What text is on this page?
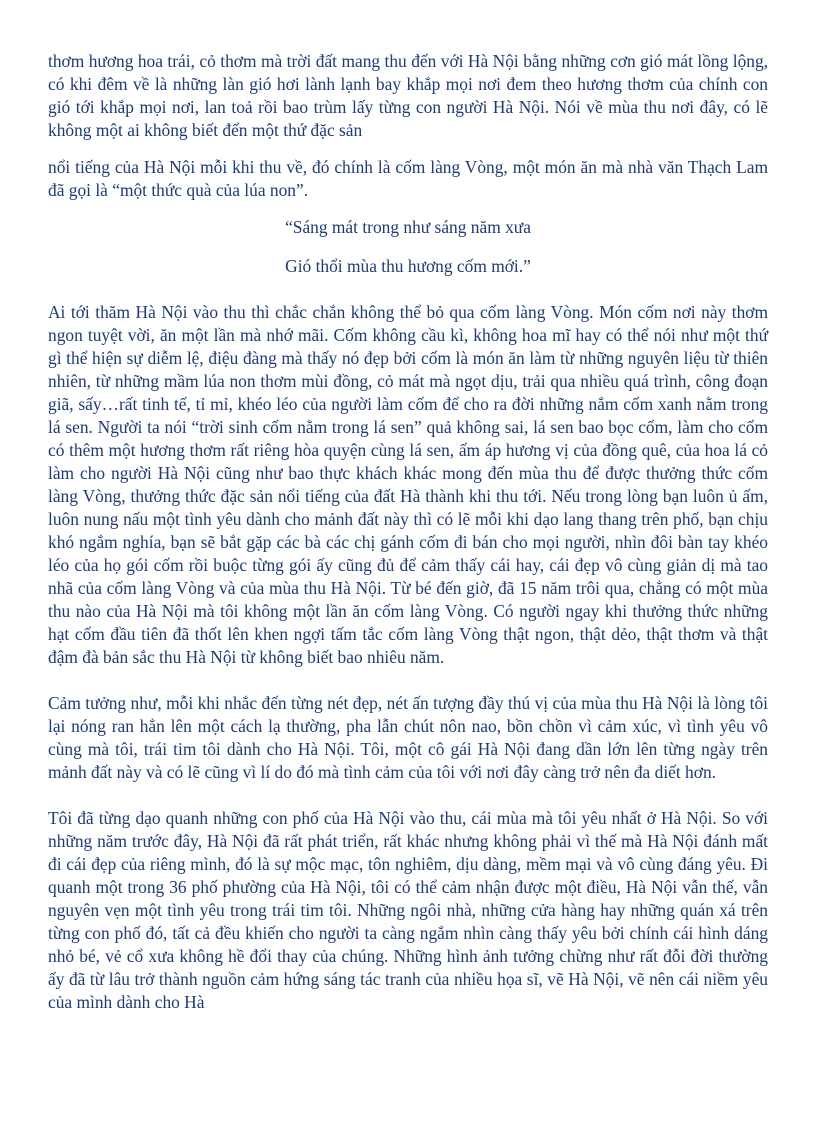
thơm hương hoa trái, cỏ thơm mà trời đất mang thu đến với Hà Nội bằng những cơn gió mát lồng lộng, có khi đêm về là những làn gió hơi lành lạnh bay khắp mọi nơi đem theo hương thơm của chính con gió tới khắp mọi nơi, lan toả rồi bao trùm lấy từng con người Hà Nội. Nói về mùa thu nơi đây, có lẽ không một ai không biết đến một thứ đặc sản

nổi tiếng của Hà Nội mỗi khi thu về, đó chính là cốm làng Vòng, một món ăn mà nhà văn Thạch Lam đã gọi là “một thức quà của lúa non”.

“Sáng mát trong như sáng năm xưa

Gió thổi mùa thu hương cốm mới.”

Ai tới thăm Hà Nội vào thu thì chắc chắn không thể bỏ qua cốm làng Vòng. Món cốm nơi này thơm ngon tuyệt vời, ăn một lần mà nhớ mãi. Cốm không cầu kì, không hoa mĩ hay có thể nói như một thứ gì thể hiện sự diễm lệ, điệu đàng mà thấy nó đẹp bởi cốm là món ăn làm từ những nguyên liệu từ thiên nhiên, từ những mầm lúa non thơm mùi đồng, cỏ mát mà ngọt dịu, trải qua nhiều quá trình, công đoạn giã, sấy…rất tinh tế, tỉ mỉ, khéo léo của người làm cốm để cho ra đời những nắm cốm xanh nằm trong lá sen. Người ta nói “trời sinh cốm nằm trong lá sen” quả không sai, lá sen bao bọc cốm, làm cho cốm có thêm một hương thơm rất riêng hòa quyện cùng lá sen, ấm áp hương vị của đồng quê, của hoa lá cỏ làm cho người Hà Nội cũng như bao thực khách khác mong đến mùa thu để được thưởng thức cốm làng Vòng, thưởng thức đặc sản nổi tiếng của đất Hà thành khi thu tới. Nếu trong lòng bạn luôn ủ ấm, luôn nung nấu một tình yêu dành cho mảnh đất này thì có lẽ mỗi khi dạo lang thang trên phố, bạn chịu khó ngắm nghía, bạn sẽ bắt gặp các bà các chị gánh cốm đi bán cho mọi người, nhìn đôi bàn tay khéo léo của họ gói cốm rồi buộc từng gói ấy cũng đủ để cảm thấy cái hay, cái đẹp vô cùng giản dị mà tao nhã của cốm làng Vòng và của mùa thu Hà Nội. Từ bé đến giờ, đã 15 năm trôi qua, chẳng có một mùa thu nào của Hà Nội mà tôi không một lần ăn cốm làng Vòng. Có người ngay khi thưởng thức những hạt cốm đầu tiên đã thốt lên khen ngợi tấm tắc cốm làng Vòng thật ngon, thật dẻo, thật thơm và thật đậm đà bản sắc thu Hà Nội từ không biết bao nhiêu năm.

Cảm tưởng như, mỗi khi nhắc đến từng nét đẹp, nét ấn tượng đầy thú vị của mùa thu Hà Nội là lòng tôi lại nóng ran hẳn lên một cách lạ thường, pha lẫn chút nôn nao, bồn chồn vì cảm xúc, vì tình yêu vô cùng mà tôi, trái tim tôi dành cho Hà Nội. Tôi, một cô gái Hà Nội đang dần lớn lên từng ngày trên mảnh đất này và có lẽ cũng vì lí do đó mà tình cảm của tôi với nơi đây càng trở nên đa diết hơn.

Tôi đã từng dạo quanh những con phố của Hà Nội vào thu, cái mùa mà tôi yêu nhất ở Hà Nội. So với những năm trước đây, Hà Nội đã rất phát triển, rất khác nhưng không phải vì thế mà Hà Nội đánh mất đi cái đẹp của riêng mình, đó là sự mộc mạc, tôn nghiêm, dịu dàng, mềm mại và vô cùng đáng yêu. Đi quanh một trong 36 phố phường của Hà Nội, tôi có thể cảm nhận được một điều, Hà Nội vẫn thế, vẫn nguyên vẹn một tình yêu trong trái tim tôi. Những ngôi nhà, những cửa hàng hay những quán xá trên từng con phố đó, tất cả đều khiến cho người ta càng ngắm nhìn càng thấy yêu bởi chính cái hình dáng nhỏ bé, vẻ cổ xưa không hề đổi thay của chúng. Những hình ảnh tưởng chừng như rất đỗi đời thường ấy đã từ lâu trở thành nguồn cảm hứng sáng tác tranh của nhiều họa sĩ, vẽ Hà Nội, vẽ nên cái niềm yêu của mình dành cho Hà
